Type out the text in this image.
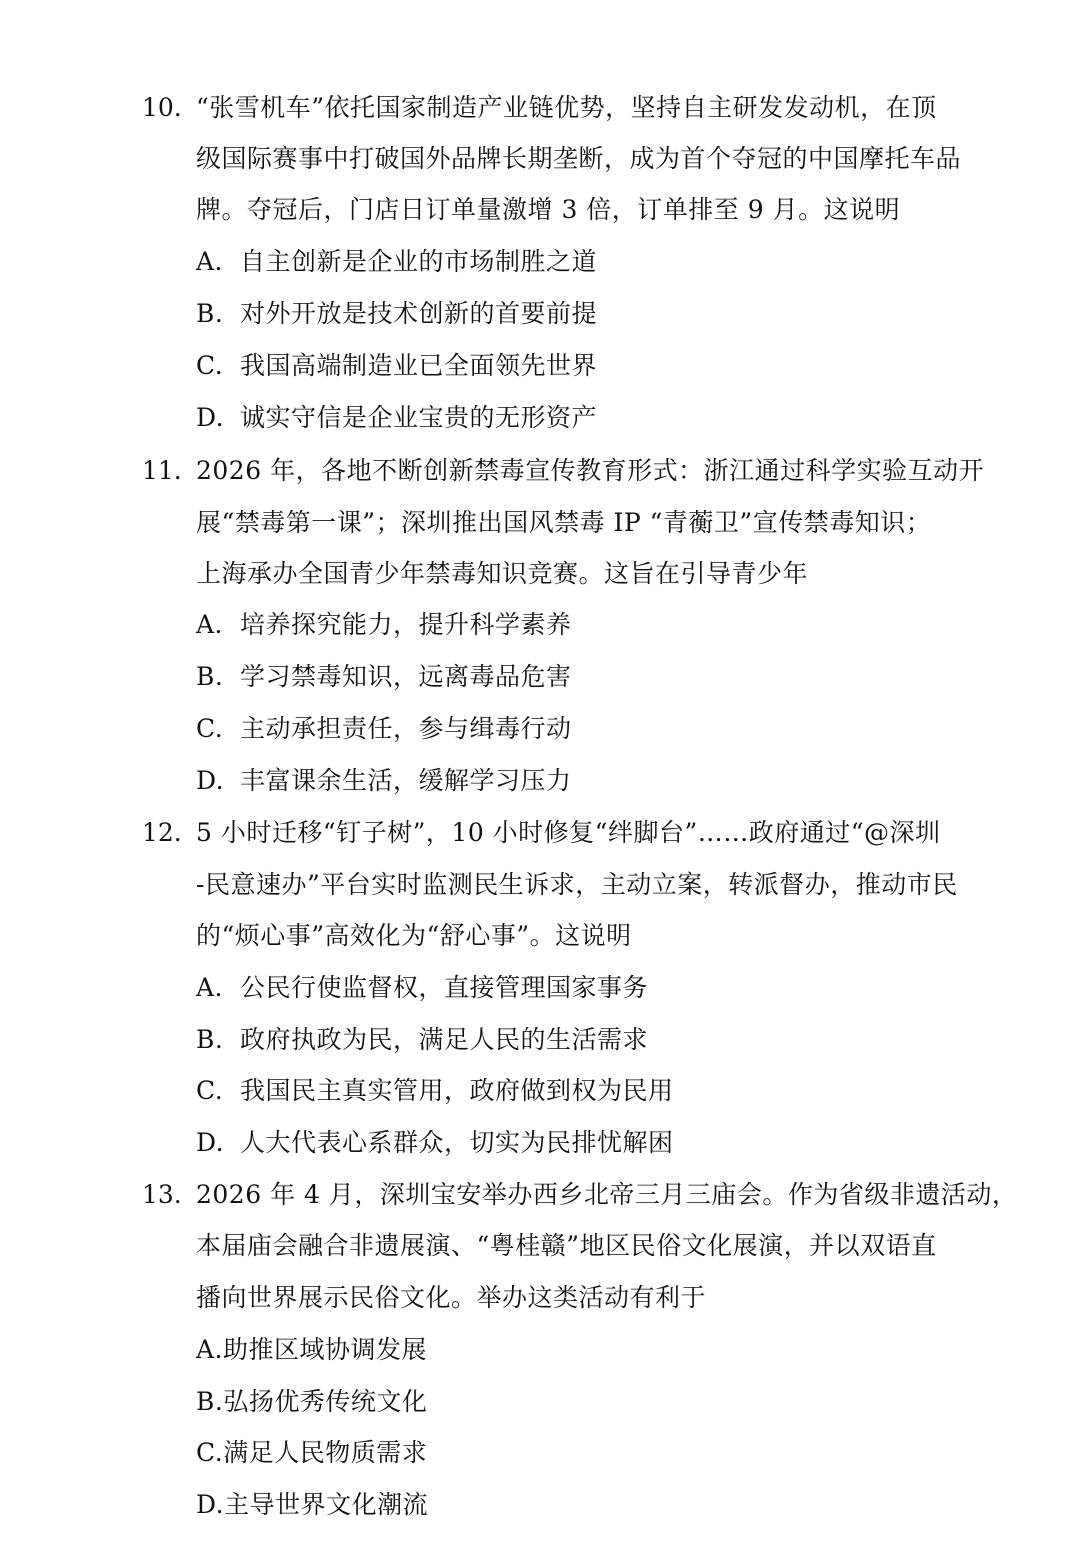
10. “张雪机车”依托国家制造产业链优势，坚持自主研发发动机，在顶
级国际赛事中打破国外品牌长期垄断，成为首个夺冠的中国摩托车品
牌。夺冠后，门店日订单量激增 3 倍，订单排至 9 月。这说明
A. 自主创新是企业的市场制胜之道
B. 对外开放是技术创新的首要前提
C. 我国高端制造业已全面领先世界
D. 诚实守信是企业宝贵的无形资产
11. 2026 年，各地不断创新禁毒宣传教育形式：浙江通过科学实验互动开
展“禁毒第一课”；深圳推出国风禁毒 IP “青蘅卫”宣传禁毒知识；
上海承办全国青少年禁毒知识竞赛。这旨在引导青少年
A. 培养探究能力，提升科学素养
B. 学习禁毒知识，远离毒品危害
C. 主动承担责任，参与缉毒行动
D. 丰富课余生活，缓解学习压力
12. 5 小时迁移“钉子树”，10 小时修复“绊脚台”……政府通过“@深圳
-民意速办”平台实时监测民生诉求，主动立案，转派督办，推动市民
的“烦心事”高效化为“舒心事”。这说明
A. 公民行使监督权，直接管理国家事务
B. 政府执政为民，满足人民的生活需求
C. 我国民主真实管用，政府做到权为民用
D. 人大代表心系群众，切实为民排忧解困
13. 2026 年 4 月，深圳宝安举办西乡北帝三月三庙会。作为省级非遗活动，
本届庙会融合非遗展演、“粤桂赣”地区民俗文化展演，并以双语直
播向世界展示民俗文化。举办这类活动有利于
A.助推区域协调发展
B.弘扬优秀传统文化
C.满足人民物质需求
D.主导世界文化潮流
